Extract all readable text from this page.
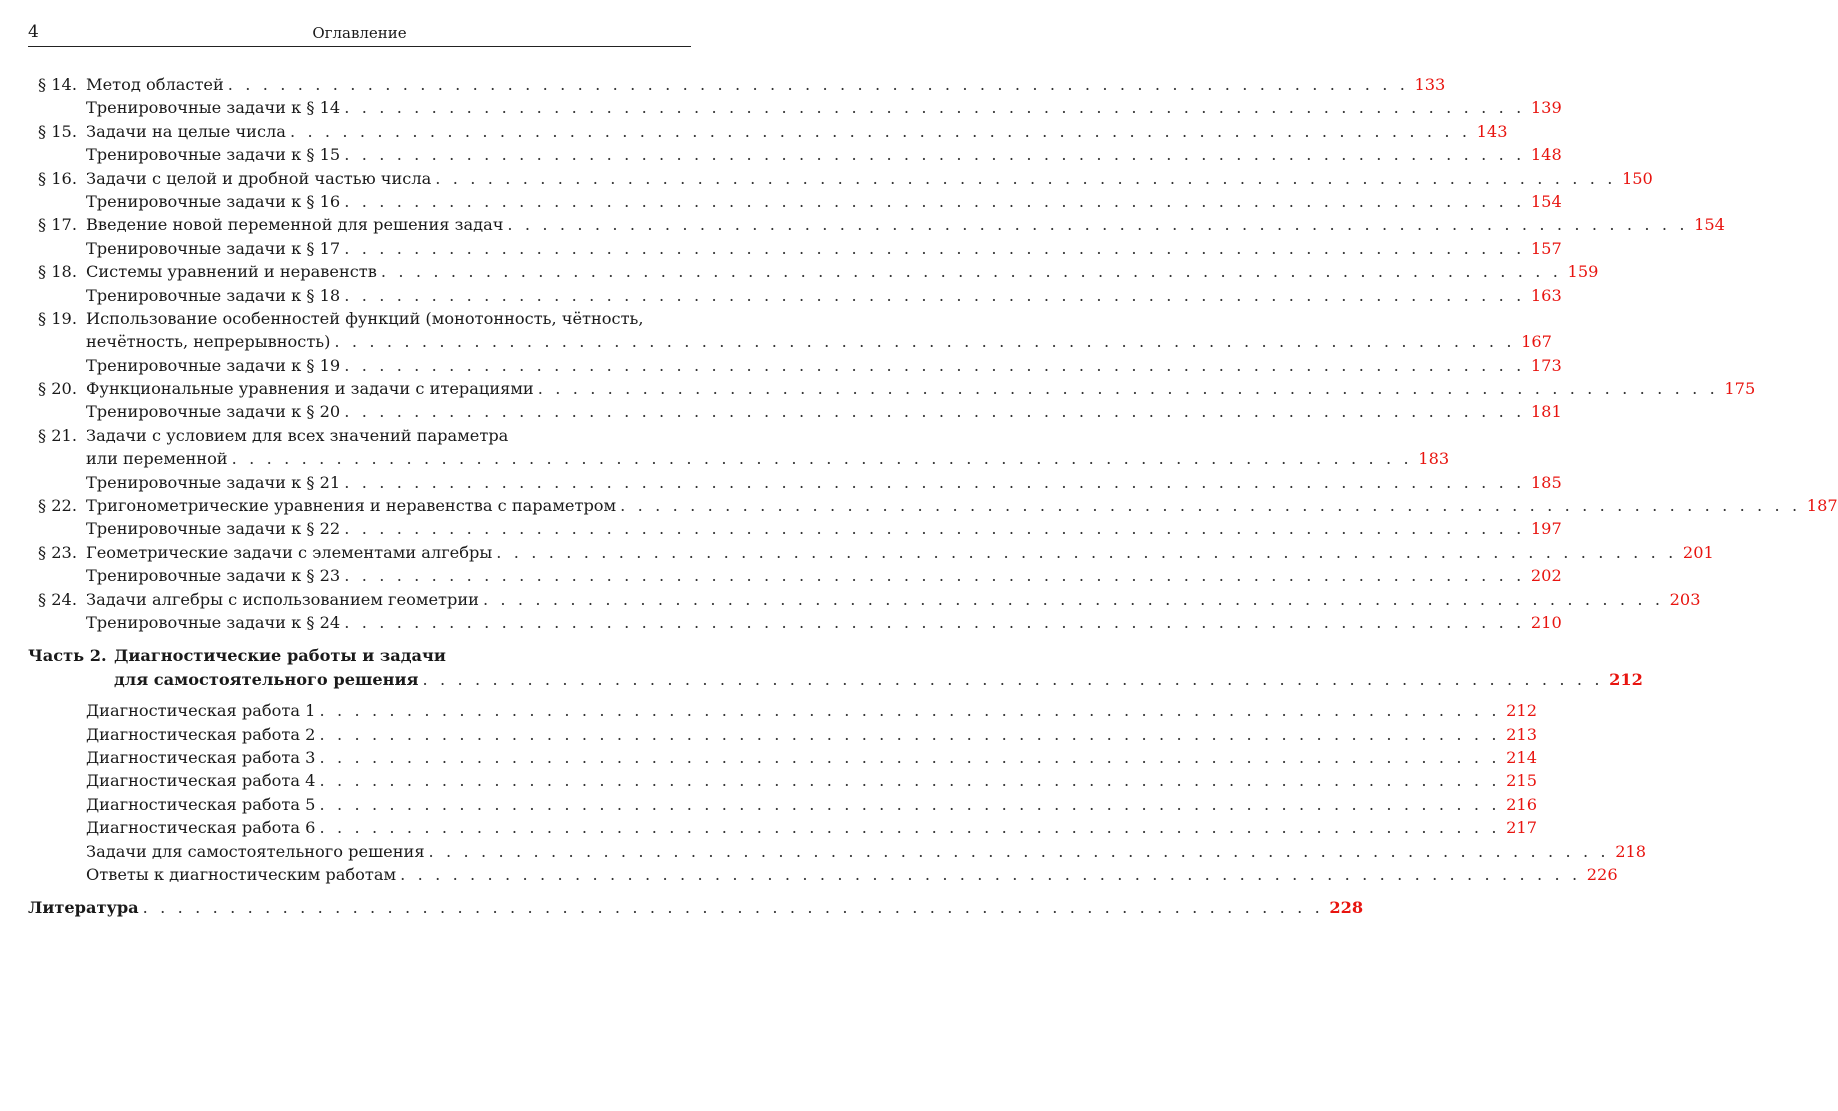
4	Оглавление
§ 14. Метод областей . . . . . . . . . . . . . . . . . . . . . . . . . . . . . . . . . . . . . . . . . . . . . . . . . . . . . . . . . . . . . . . . . . . . 133
Тренировочные задачи к § 14 . . . . . . . . . . . . . . . . . . . . . . . . . . . . . . . . . . . . . . . . . . . . . . . . . . . . . . . . . . . . . . . . . . . . 139
§ 15. Задачи на целые числа . . . . . . . . . . . . . . . . . . . . . . . . . . . . . . . . . . . . . . . . . . . . . . . . . . . . . . . . . . . . . . . . . . . . 143
Тренировочные задачи к § 15 . . . . . . . . . . . . . . . . . . . . . . . . . . . . . . . . . . . . . . . . . . . . . . . . . . . . . . . . . . . . . . . . . . . . 148
§ 16. Задачи с целой и дробной частью числа . . . . . . . . . . . . . . . . . . . . . . . . . . . . . . . . . . . . . . . . . . . . . . . . . . . . . . . . . . . . . . . . . . . . 150
Тренировочные задачи к § 16 . . . . . . . . . . . . . . . . . . . . . . . . . . . . . . . . . . . . . . . . . . . . . . . . . . . . . . . . . . . . . . . . . . . . 154
§ 17. Введение новой переменной для решения задач . . . . . . . . . . . . . . . . . . . . . . . . . . . . . . . . . . . . . . . . . . . . . . . . . . . . . . . . . . . . . . . . . . . . 154
Тренировочные задачи к § 17 . . . . . . . . . . . . . . . . . . . . . . . . . . . . . . . . . . . . . . . . . . . . . . . . . . . . . . . . . . . . . . . . . . . . 157
§ 18. Системы уравнений и неравенств . . . . . . . . . . . . . . . . . . . . . . . . . . . . . . . . . . . . . . . . . . . . . . . . . . . . . . . . . . . . . . . . . . . . 159
Тренировочные задачи к § 18 . . . . . . . . . . . . . . . . . . . . . . . . . . . . . . . . . . . . . . . . . . . . . . . . . . . . . . . . . . . . . . . . . . . . 163
§ 19. Использование особенностей функций (монотонность, чётность,
нечётность, непрерывность) . . . . . . . . . . . . . . . . . . . . . . . . . . . . . . . . . . . . . . . . . . . . . . . . . . . . . . . . . . . . . . . . . . . . 167
Тренировочные задачи к § 19 . . . . . . . . . . . . . . . . . . . . . . . . . . . . . . . . . . . . . . . . . . . . . . . . . . . . . . . . . . . . . . . . . . . . 173
§ 20. Функциональные уравнения и задачи с итерациями . . . . . . . . . . . . . . . . . . . . . . . . . . . . . . . . . . . . . . . . . . . . . . . . . . . . . . . . . . . . . . . . . . . . 175
Тренировочные задачи к § 20 . . . . . . . . . . . . . . . . . . . . . . . . . . . . . . . . . . . . . . . . . . . . . . . . . . . . . . . . . . . . . . . . . . . . 181
§ 21. Задачи с условием для всех значений параметра
или переменной . . . . . . . . . . . . . . . . . . . . . . . . . . . . . . . . . . . . . . . . . . . . . . . . . . . . . . . . . . . . . . . . . . . . 183
Тренировочные задачи к § 21 . . . . . . . . . . . . . . . . . . . . . . . . . . . . . . . . . . . . . . . . . . . . . . . . . . . . . . . . . . . . . . . . . . . . 185
§ 22. Тригонометрические уравнения и неравенства с параметром . . . . . . . . . . . . . . . . . . . . . . . . . . . . . . . . . . . . . . . . . . . . . . . . . . . . . . . . . . . . . . . . . . . . 187
Тренировочные задачи к § 22 . . . . . . . . . . . . . . . . . . . . . . . . . . . . . . . . . . . . . . . . . . . . . . . . . . . . . . . . . . . . . . . . . . . . 197
§ 23. Геометрические задачи с элементами алгебры . . . . . . . . . . . . . . . . . . . . . . . . . . . . . . . . . . . . . . . . . . . . . . . . . . . . . . . . . . . . . . . . . . . . 201
Тренировочные задачи к § 23 . . . . . . . . . . . . . . . . . . . . . . . . . . . . . . . . . . . . . . . . . . . . . . . . . . . . . . . . . . . . . . . . . . . . 202
§ 24. Задачи алгебры с использованием геометрии . . . . . . . . . . . . . . . . . . . . . . . . . . . . . . . . . . . . . . . . . . . . . . . . . . . . . . . . . . . . . . . . . . . . 203
Тренировочные задачи к § 24 . . . . . . . . . . . . . . . . . . . . . . . . . . . . . . . . . . . . . . . . . . . . . . . . . . . . . . . . . . . . . . . . . . . . 210
Часть 2. Диагностические работы и задачи
для самостоятельного решения . . . . . . . . . . . . . . . . . . . . . . . . . . . . . . . . . . . . . . . . . . . . . . . . . . . . . . . . . . . . . . . . . . . . 212
Диагностическая работа 1 . . . . . . . . . . . . . . . . . . . . . . . . . . . . . . . . . . . . . . . . . . . . . . . . . . . . . . . . . . . . . . . . . . . . 212
Диагностическая работа 2 . . . . . . . . . . . . . . . . . . . . . . . . . . . . . . . . . . . . . . . . . . . . . . . . . . . . . . . . . . . . . . . . . . . . 213
Диагностическая работа 3 . . . . . . . . . . . . . . . . . . . . . . . . . . . . . . . . . . . . . . . . . . . . . . . . . . . . . . . . . . . . . . . . . . . . 214
Диагностическая работа 4 . . . . . . . . . . . . . . . . . . . . . . . . . . . . . . . . . . . . . . . . . . . . . . . . . . . . . . . . . . . . . . . . . . . . 215
Диагностическая работа 5 . . . . . . . . . . . . . . . . . . . . . . . . . . . . . . . . . . . . . . . . . . . . . . . . . . . . . . . . . . . . . . . . . . . . 216
Диагностическая работа 6 . . . . . . . . . . . . . . . . . . . . . . . . . . . . . . . . . . . . . . . . . . . . . . . . . . . . . . . . . . . . . . . . . . . . 217
Задачи для самостоятельного решения . . . . . . . . . . . . . . . . . . . . . . . . . . . . . . . . . . . . . . . . . . . . . . . . . . . . . . . . . . . . . . . . . . . . 218
Ответы к диагностическим работам . . . . . . . . . . . . . . . . . . . . . . . . . . . . . . . . . . . . . . . . . . . . . . . . . . . . . . . . . . . . . . . . . . . . 226
Литература . . . . . . . . . . . . . . . . . . . . . . . . . . . . . . . . . . . . . . . . . . . . . . . . . . . . . . . . . . . . . . . . . . . . 228
